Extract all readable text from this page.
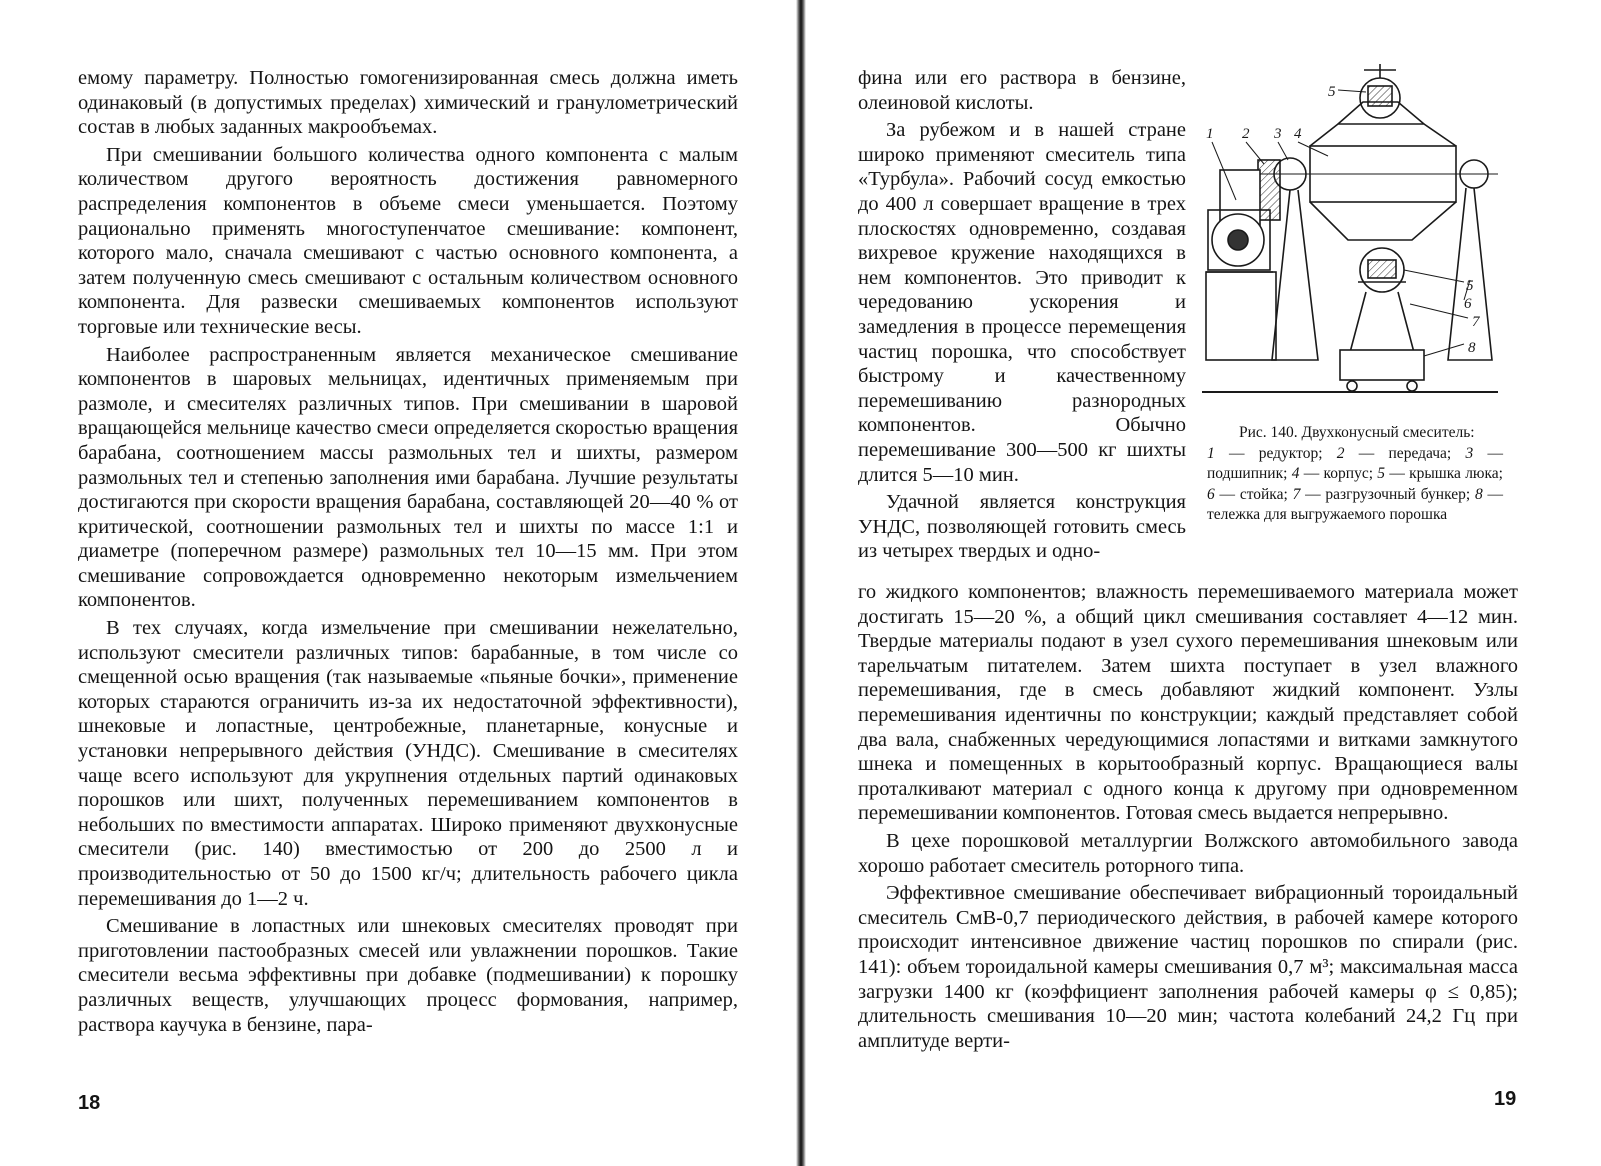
емому параметру. Полностью гомогенизированная смесь должна иметь одинаковый (в допустимых пределах) химический и гранулометрический состав в любых заданных макрообъемах.

При смешивании большого количества одного компонента с малым количеством другого вероятность достижения равномерного распределения компонентов в объеме смеси уменьшается. Поэтому рационально применять многоступенчатое смешивание: компонент, которого мало, сначала смешивают с частью основного компонента, а затем полученную смесь смешивают с остальным количеством основного компонента. Для развески смешиваемых компонентов используют торговые или технические весы.

Наиболее распространенным является механическое смешивание компонентов в шаровых мельницах, идентичных применяемым при размоле, и смесителях различных типов. При смешивании в шаровой вращающейся мельнице качество смеси определяется скоростью вращения барабана, соотношением массы размольных тел и шихты, размером размольных тел и степенью заполнения ими барабана. Лучшие результаты достигаются при скорости вращения барабана, составляющей 20—40 % от критической, соотношении размольных тел и шихты по массе 1:1 и диаметре (поперечном размере) размольных тел 10—15 мм. При этом смешивание сопровождается одновременно некоторым измельчением компонентов.

В тех случаях, когда измельчение при смешивании нежелательно, используют смесители различных типов: барабанные, в том числе со смещенной осью вращения (так называемые «пьяные бочки», применение которых стараются ограничить из-за их недостаточной эффективности), шнековые и лопастные, центробежные, планетарные, конусные и установки непрерывного действия (УНДС). Смешивание в смесителях чаще всего используют для укрупнения отдельных партий одинаковых порошков или шихт, полученных перемешиванием компонентов в небольших по вместимости аппаратах. Широко применяют двухконусные смесители (рис. 140) вместимостью от 200 до 2500 л и производительностью от 50 до 1500 кг/ч; длительность рабочего цикла перемешивания до 1—2 ч.

Смешивание в лопастных или шнековых смесителях проводят при приготовлении пастообразных смесей или увлажнении порошков. Такие смесители весьма эффективны при добавке (подмешивании) к порошку различных веществ, улучшающих процесс формования, например, раствора каучука в бензине, пара-

18

фина или его раствора в бензине, олеиновой кислоты.

За рубежом и в нашей стране широко применяют смеситель типа «Турбула». Рабочий сосуд емкостью до 400 л совершает вращение в трех плоскостях одновременно, создавая вихревое кружение находящихся в нем компонентов. Это приводит к чередованию ускорения и замедления в процессе перемещения частиц порошка, что способствует быстрому и качественному перемешиванию разнородных компонентов. Обычно перемешивание 300—500 кг шихты длится 5—10 мин.

Удачной является конструкция УНДС, позволяющей готовить смесь из четырех твердых и одно-

1 2 3 4
5
5
6
7
8
Рис. 140. Двухконусный смеситель:
1 — редуктор; 2 — передача; 3 — подшипник; 4 — корпус; 5 — крышка люка; 6 — стойка; 7 — разгрузочный бункер; 8 — тележка для выгружаемого порошка

го жидкого компонентов; влажность перемешиваемого материала может достигать 15—20 %, а общий цикл смешивания составляет 4—12 мин. Твердые материалы подают в узел сухого перемешивания шнековым или тарельчатым питателем. Затем шихта поступает в узел влажного перемешивания, где в смесь добавляют жидкий компонент. Узлы перемешивания идентичны по конструкции; каждый представляет собой два вала, снабженных чередующимися лопастями и витками замкнутого шнека и помещенных в корытообразный корпус. Вращающиеся валы проталкивают материал с одного конца к другому при одновременном перемешивании компонентов. Готовая смесь выдается непрерывно.

В цехе порошковой металлургии Волжского автомобильного завода хорошо работает смеситель роторного типа.

Эффективное смешивание обеспечивает вибрационный тороидальный смеситель СмВ-0,7 периодического действия, в рабочей камере которого происходит интенсивное движение частиц порошков по спирали (рис. 141): объем тороидальной камеры смешивания 0,7 м³; максимальная масса загрузки 1400 кг (коэффициент заполнения рабочей камеры φ ≤ 0,85); длительность смешивания 10—20 мин; частота колебаний 24,2 Гц при амплитуде верти-

19
